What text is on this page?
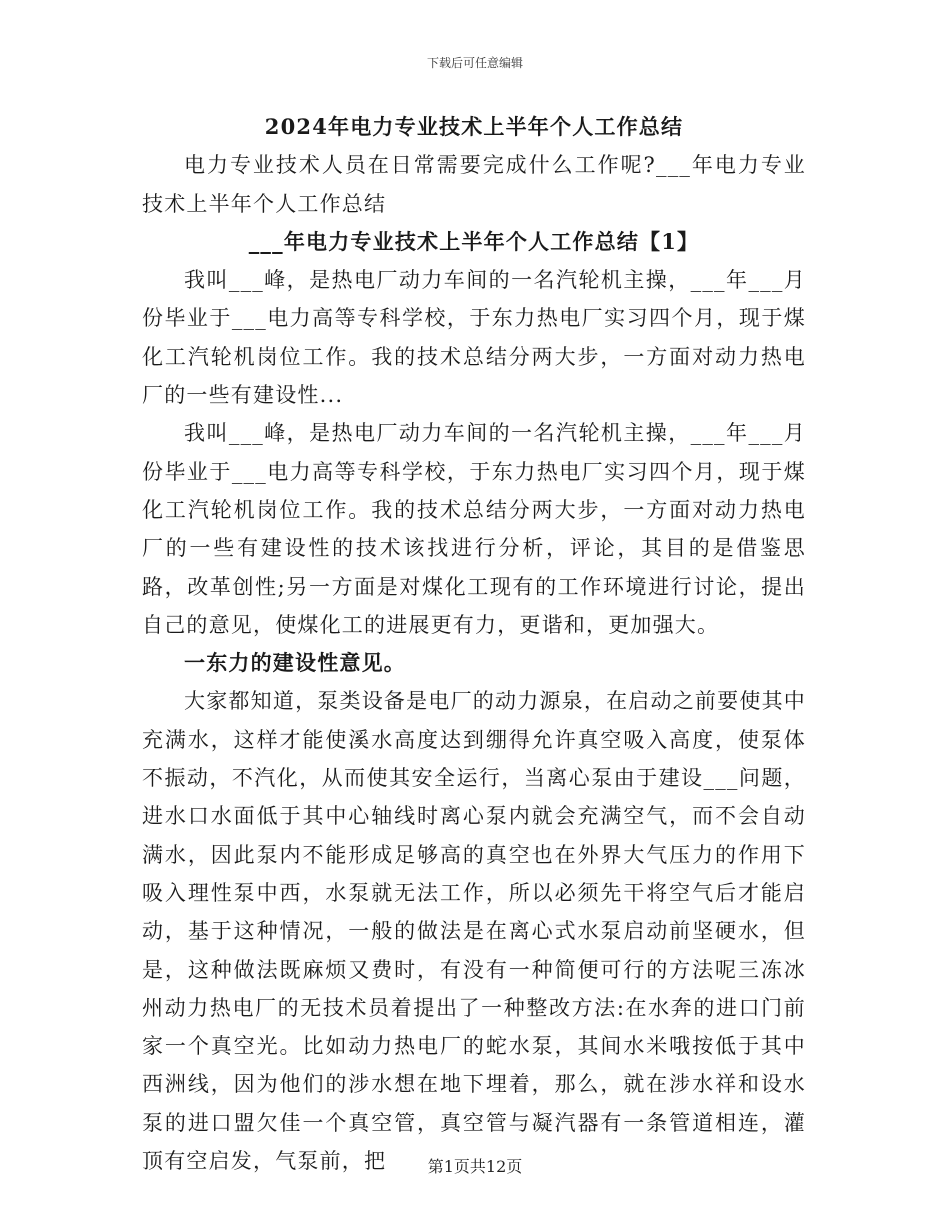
下载后可任意编辑
2024年电力专业技术上半年个人工作总结

电力专业技术人员在日常需要完成什么工作呢?___年电力专业技术上半年个人工作总结

___年电力专业技术上半年个人工作总结【1】

我叫___峰，是热电厂动力车间的一名汽轮机主操，___年___月份毕业于___电力高等专科学校，于东力热电厂实习四个月，现于煤化工汽轮机岗位工作。我的技术总结分两大步，一方面对动力热电厂的一些有建设性...

我叫___峰，是热电厂动力车间的一名汽轮机主操，___年___月份毕业于___电力高等专科学校，于东力热电厂实习四个月，现于煤化工汽轮机岗位工作。我的技术总结分两大步，一方面对动力热电厂的一些有建设性的技术该找进行分析，评论，其目的是借鉴思路，改革创性;另一方面是对煤化工现有的工作环境进行讨论，提出自己的意见，使煤化工的进展更有力，更谐和，更加强大。

一东力的建设性意见。

大家都知道，泵类设备是电厂的动力源泉，在启动之前要使其中充满水，这样才能使溪水高度达到绷得允许真空吸入高度，使泵体不振动，不汽化，从而使其安全运行，当离心泵由于建设___问题，进水口水面低于其中心轴线时离心泵内就会充满空气，而不会自动满水，因此泵内不能形成足够高的真空也在外界大气压力的作用下吸入理性泵中西，水泵就无法工作，所以必须先干将空气后才能启动，基于这种情况，一般的做法是在离心式水泵启动前坚硬水，但是，这种做法既麻烦又费时，有没有一种简便可行的方法呢三冻冰州动力热电厂的无技术员着提出了一种整改方法:在水奔的进口门前家一个真空光。比如动力热电厂的蛇水泵，其间水米哦按低于其中西洲线，因为他们的涉水想在地下埋着，那么，就在涉水祥和设水泵的进口盟欠佳一个真空管，真空管与凝汽器有一条管道相连，灌顶有空启发，气泵前，把	第1页共12页
